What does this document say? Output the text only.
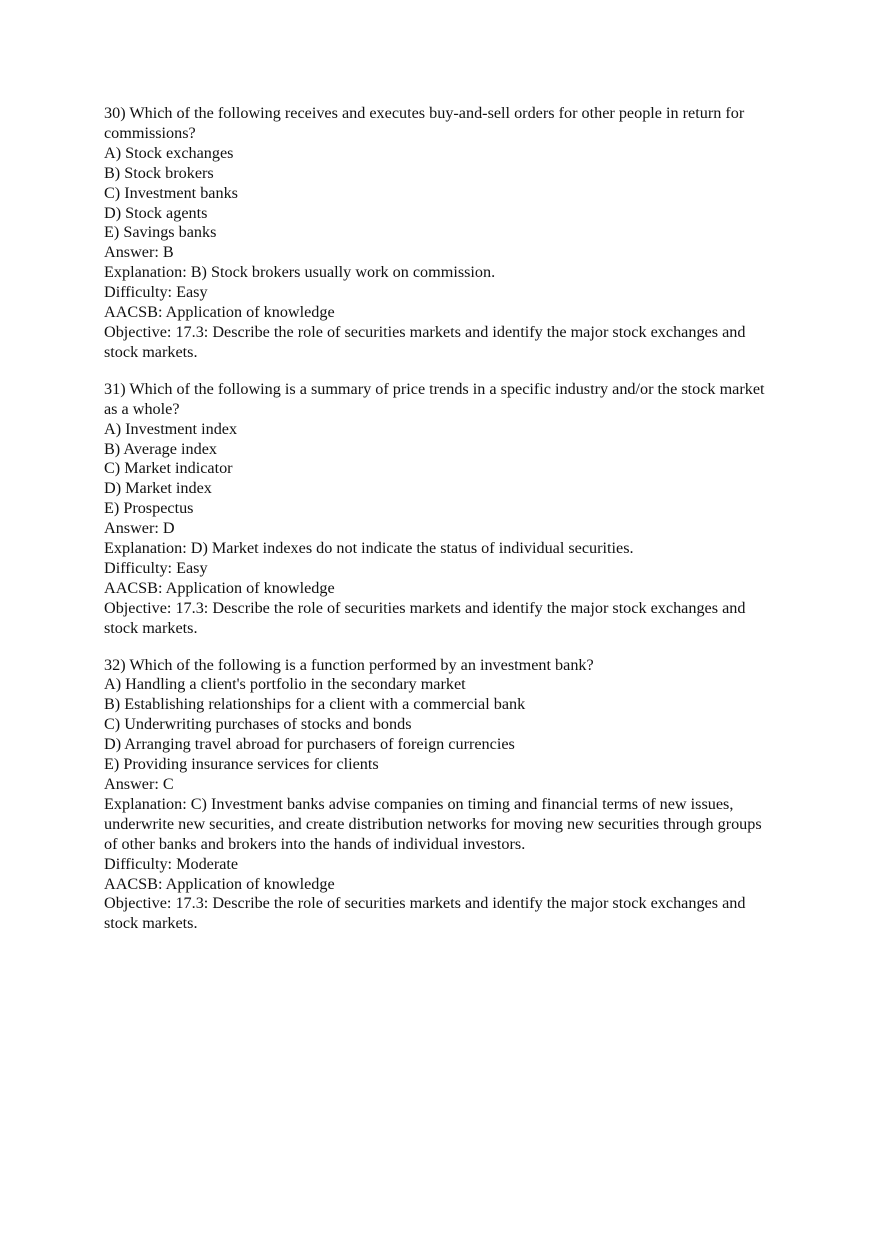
30) Which of the following receives and executes buy-and-sell orders for other people in return for commissions?
A) Stock exchanges
B) Stock brokers
C) Investment banks
D) Stock agents
E) Savings banks
Answer: B
Explanation: B) Stock brokers usually work on commission.
Difficulty: Easy
AACSB: Application of knowledge
Objective: 17.3: Describe the role of securities markets and identify the major stock exchanges and stock markets.
31) Which of the following is a summary of price trends in a specific industry and/or the stock market as a whole?
A) Investment index
B) Average index
C) Market indicator
D) Market index
E) Prospectus
Answer: D
Explanation: D) Market indexes do not indicate the status of individual securities.
Difficulty: Easy
AACSB: Application of knowledge
Objective: 17.3: Describe the role of securities markets and identify the major stock exchanges and stock markets.
32) Which of the following is a function performed by an investment bank?
A) Handling a client's portfolio in the secondary market
B) Establishing relationships for a client with a commercial bank
C) Underwriting purchases of stocks and bonds
D) Arranging travel abroad for purchasers of foreign currencies
E) Providing insurance services for clients
Answer: C
Explanation: C) Investment banks advise companies on timing and financial terms of new issues, underwrite new securities, and create distribution networks for moving new securities through groups of other banks and brokers into the hands of individual investors.
Difficulty: Moderate
AACSB: Application of knowledge
Objective: 17.3: Describe the role of securities markets and identify the major stock exchanges and stock markets.
